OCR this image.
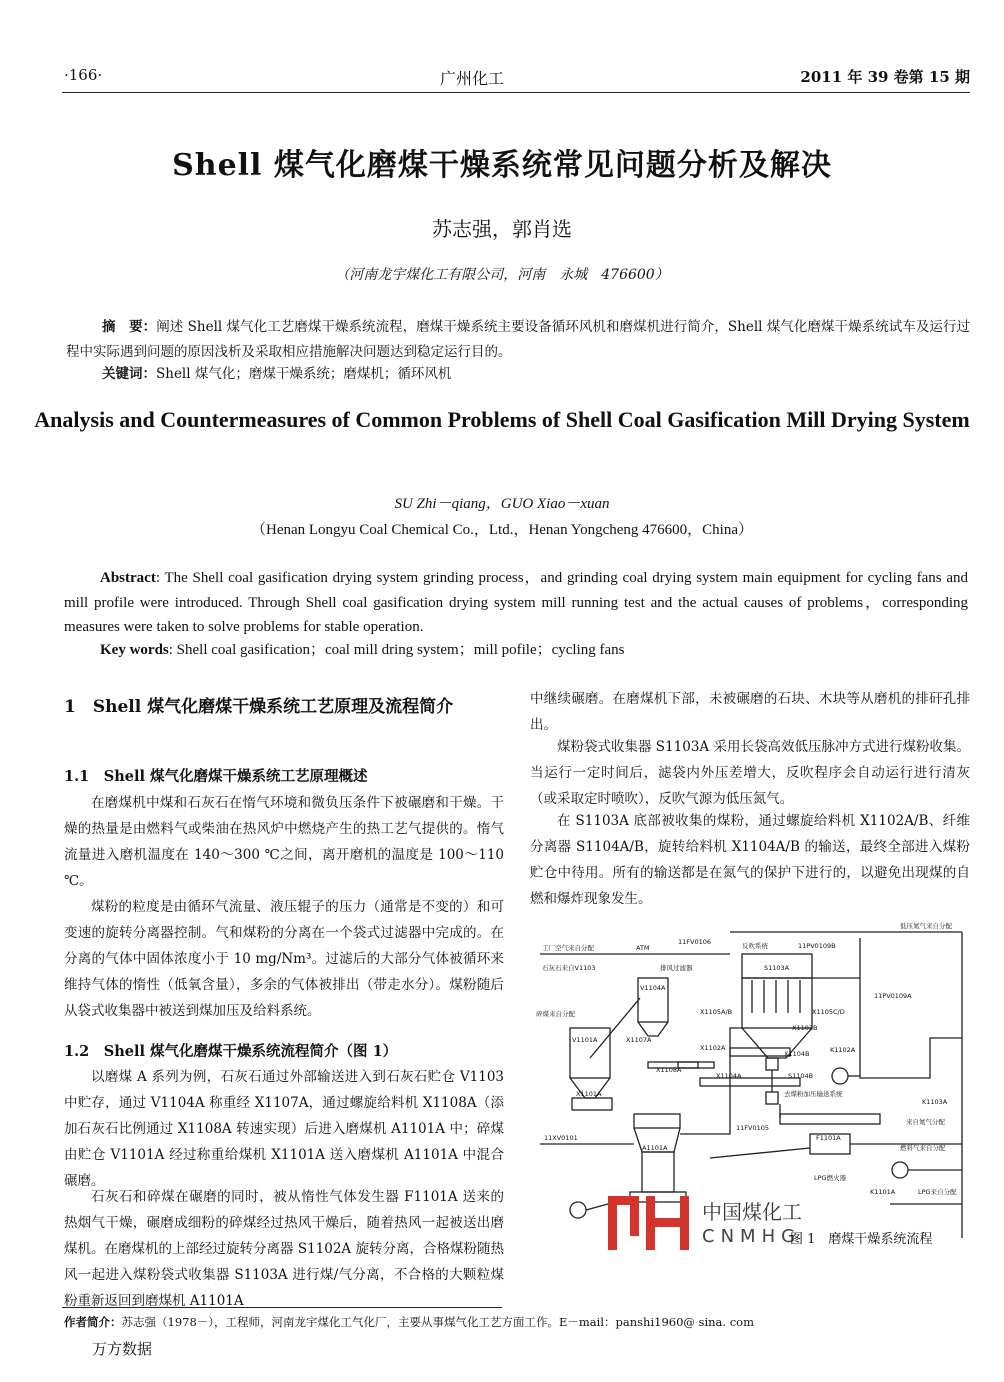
·166·	广州化工	2011 年 39 卷第 15 期
Shell 煤气化磨煤干燥系统常见问题分析及解决
苏志强，郭肖选
（河南龙宇煤化工有限公司，河南　永城　476600）
摘　要：阐述 Shell 煤气化工艺磨煤干燥系统流程，磨煤干燥系统主要设备循环风机和磨煤机进行简介，Shell 煤气化磨煤干燥系统试车及运行过程中实际遇到问题的原因浅析及采取相应措施解决问题达到稳定运行目的。
关键词：Shell 煤气化；磨煤干燥系统；磨煤机；循环风机
Analysis and Countermeasures of Common Problems of Shell Coal Gasification Mill Drying System
SU Zhi－qiang，GUO Xiao－xuan
（Henan Longyu Coal Chemical Co.，Ltd.，Henan Yongcheng 476600，China）
Abstract: The Shell coal gasification drying system grinding process，and grinding coal drying system main equipment for cycling fans and mill profile were introduced. Through Shell coal gasification drying system mill running test and the actual causes of problems，corresponding measures were taken to solve problems for stable operation.
Key words: Shell coal gasification；coal mill dring system；mill pofile；cycling fans
1　Shell 煤气化磨煤干燥系统工艺原理及流程简介
1.1　Shell 煤气化磨煤干燥系统工艺原理概述
在磨煤机中煤和石灰石在惰气环境和微负压条件下被碾磨和干燥。干燥的热量是由燃料气或柴油在热风炉中燃烧产生的热工艺气提供的。惰气流量进入磨机温度在 140～300 ℃之间，离开磨机的温度是 100～110 ℃。
煤粉的粒度是由循环气流量、液压辊子的压力（通常是不变的）和可变速的旋转分离器控制。气和煤粉的分离在一个袋式过滤器中完成的。在分离的气体中固体浓度小于 10 mg/Nm³。过滤后的大部分气体被循环来维持气体的惰性（低氧含量），多余的气体被排出（带走水分）。煤粉随后从袋式收集器中被送到煤加压及给料系统。
1.2　Shell 煤气化磨煤干燥系统流程简介（图 1）
以磨煤 A 系列为例，石灰石通过外部输送进入到石灰石贮仓 V1103 中贮存，通过 V1104A 称重经 X1107A，通过螺旋给料机 X1108A（添加石灰石比例通过 X1108A 转速实现）后进入磨煤机 A1101A 中；碎煤由贮仓 V1101A 经过称重给煤机 X1101A 送入磨煤机 A1101A 中混合碾磨。
石灰石和碎煤在碾磨的同时，被从惰性气体发生器 F1101A 送来的热烟气干燥，碾磨成细粉的碎煤经过热风干燥后，随着热风一起被送出磨煤机。在磨煤机的上部经过旋转分离器 S1102A 旋转分离，合格煤粉随热风一起进入煤粉袋式收集器 S1103A 进行煤/气分离，不合格的大颗粒煤粉重新返回到磨煤机 A1101A
中继续碾磨。在磨煤机下部，未被碾磨的石块、木块等从磨机的排矸孔排出。
煤粉袋式收集器 S1103A 采用长袋高效低压脉冲方式进行煤粉收集。当运行一定时间后，滤袋内外压差增大，反吹程序会自动运行进行清灰（或采取定时喷吹），反吹气源为低压氮气。
在 S1103A 底部被收集的煤粉，通过螺旋给料机 X1102A/B、纤维分离器 S1104A/B，旋转给料机 X1104A/B 的输送，最终全部进入煤粉贮仓中待用。所有的输送都是在氮气的保护下进行的，以避免出现煤的自燃和爆炸现象发生。
低压氮气来自分配
工厂空气来自分配	ATM
11FV0106	反吹系统	11PV0109B
石灰石来自V1103	排风过滤器	S1103A
11PV0109A
V1104A
碎煤来自分配	X1105A/B	X1105C/D
X1102B
V1101A	X1107A
X1102A
X1104B	K1102A
X1108A
X1104A	S1104B
去煤粉加压输送系统
X1101A
K1103A
11FV0105
11XV0101	F1101A
来自氮气分配
A1101A	燃料气来自分配
LPG燃火器
K1101A	LPG来自分配
中国煤化工
CNMHG
图 1　磨煤干燥系统流程
作者简介：苏志强（1978－），工程师，河南龙宇煤化工气化厂，主要从事煤气化工艺方面工作。E－mail：panshi1960@ sina. com
万方数据
